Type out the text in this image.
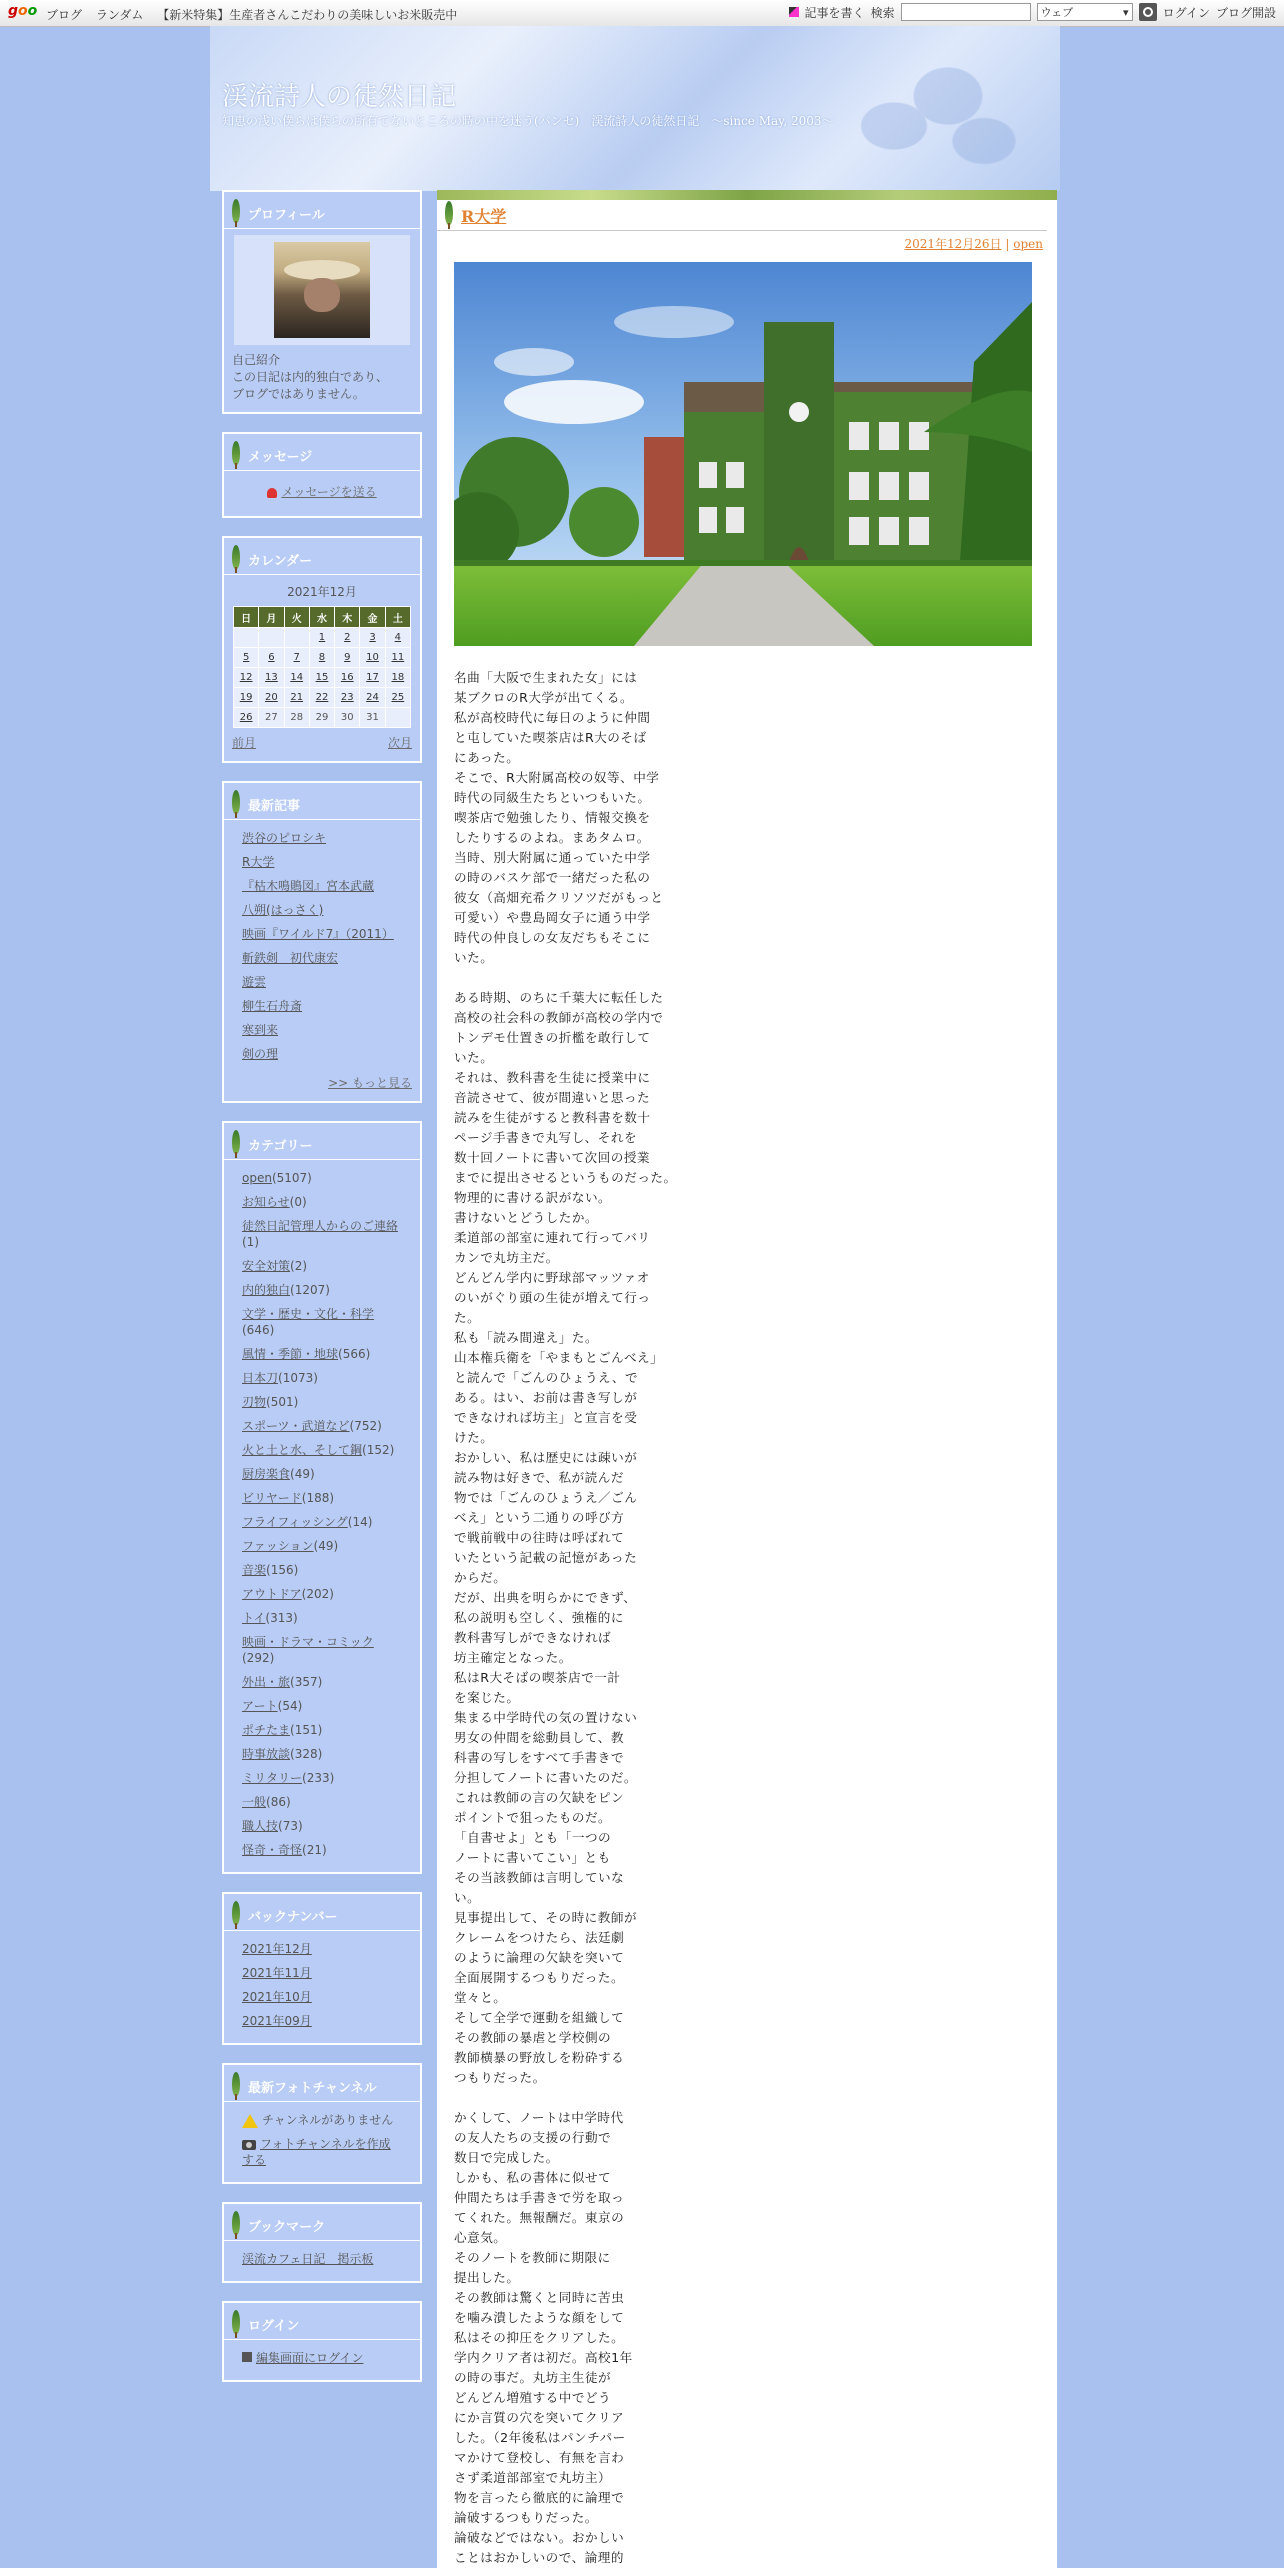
goo ブログ ランダム 【新米特集】生産者さんこだわりの美味しいお米販売中	記事を書く 検索	ウェブ ▾	ログイン ブログ開設
渓流詩人の徒然日記
知恵の浅い僕らは僕らの所有でないところの時の中を迷う(パンセ)　渓流詩人の徒然日記　～since May, 2003～
プロフィール
自己紹介
この日記は内的独白であり、
ブログではありません。
メッセージ
メッセージを送る
カレンダー
2021年12月
日	月	火	水	木	金	土
			1	2	3	4
5	6	7	8	9	10	11
12	13	14	15	16	17	18
19	20	21	22	23	24	25
26	27	28	29	30	31	
前月	次月
最新記事
渋谷のピロシキ
R大学
『枯木鳴鵙図』宮本武蔵
八朔(はっさく)
映画『ワイルド7』（2011）
斬鉄剣　初代康宏
遊雲
柳生石舟斎
寒到来
剣の理
>> もっと見る
カテゴリー
open(5107)
お知らせ(0)
徒然日記管理人からのご連絡(1)
安全対策(2)
内的独白(1207)
文学・歴史・文化・科学(646)
風情・季節・地球(566)
日本刀(1073)
刃物(501)
スポーツ・武道など(752)
火と土と水、そして鋼(152)
厨房楽食(49)
ビリヤード(188)
フライフィッシング(14)
ファッション(49)
音楽(156)
アウトドア(202)
トイ(313)
映画・ドラマ・コミック(292)
外出・旅(357)
アート(54)
ポチたま(151)
時事放談(328)
ミリタリー(233)
一般(86)
職人技(73)
怪奇・奇怪(21)
バックナンバー
2021年12月
2021年11月
2021年10月
2021年09月
最新フォトチャンネル
チャンネルがありません
フォトチャンネルを作成する
ブックマーク
渓流カフェ日記　掲示板
ログイン
編集画面にログイン
R大学
2021年12月26日 | open
名曲「大阪で生まれた女」には
某ブクロのR大学が出てくる。
私が高校時代に毎日のように仲間
と屯していた喫茶店はR大のそば
にあった。
そこで、R大附属高校の奴等、中学
時代の同級生たちといつもいた。
喫茶店で勉強したり、情報交換を
したりするのよね。まあタムロ。
当時、別大附属に通っていた中学
の時のバスケ部で一緒だった私の
彼女（高畑充希クリソツだがもっと
可愛い）や豊島岡女子に通う中学
時代の仲良しの女友だちもそこに
いた。
ある時期、のちに千葉大に転任した
高校の社会科の教師が高校の学内で
トンデモ仕置きの折檻を敢行して
いた。
それは、教科書を生徒に授業中に
音読させて、彼が間違いと思った
読みを生徒がすると教科書を数十
ページ手書きで丸写し、それを
数十回ノートに書いて次回の授業
までに提出させるというものだった。
物理的に書ける訳がない。
書けないとどうしたか。
柔道部の部室に連れて行ってバリ
カンで丸坊主だ。
どんどん学内に野球部マッツァオ
のいがぐり頭の生徒が増えて行っ
た。
私も「読み間違え」た。
山本権兵衛を「やまもとごんべえ」
と読んで「ごんのひょうえ、で
ある。はい、お前は書き写しが
できなければ坊主」と宣言を受
けた。
おかしい、私は歴史には疎いが
読み物は好きで、私が読んだ
物では「ごんのひょうえ／ごん
べえ」という二通りの呼び方
で戦前戦中の往時は呼ばれて
いたという記載の記憶があった
からだ。
だが、出典を明らかにできず、
私の説明も空しく、強権的に
教科書写しができなければ
坊主確定となった。
私はR大そばの喫茶店で一計
を案じた。
集まる中学時代の気の置けない
男女の仲間を総動員して、教
科書の写しをすべて手書きで
分担してノートに書いたのだ。
これは教師の言の欠缺をピン
ポイントで狙ったものだ。
「自書せよ」とも「一つの
ノートに書いてこい」とも
その当該教師は言明していな
い。
見事提出して、その時に教師が
クレームをつけたら、法廷劇
のように論理の欠缺を突いて
全面展開するつもりだった。
堂々と。
そして全学で運動を組織して
その教師の暴虐と学校側の
教師横暴の野放しを粉砕する
つもりだった。
かくして、ノートは中学時代
の友人たちの支援の行動で
数日で完成した。
しかも、私の書体に似せて
仲間たちは手書きで労を取っ
てくれた。無報酬だ。東京の
心意気。
そのノートを教師に期限に
提出した。
その教師は驚くと同時に苦虫
を噛み潰したような顔をして
私はその抑圧をクリアした。
学内クリア者は初だ。高校1年
の時の事だ。丸坊主生徒が
どんどん増殖する中でどう
にか言質の穴を突いてクリア
した。（2年後私はパンチパー
マかけて登校し、有無を言わ
さず柔道部部室で丸坊主）
物を言ったら徹底的に論理で
論破するつもりだった。
論破などではない。おかしい
ことはおかしいので、論理的
